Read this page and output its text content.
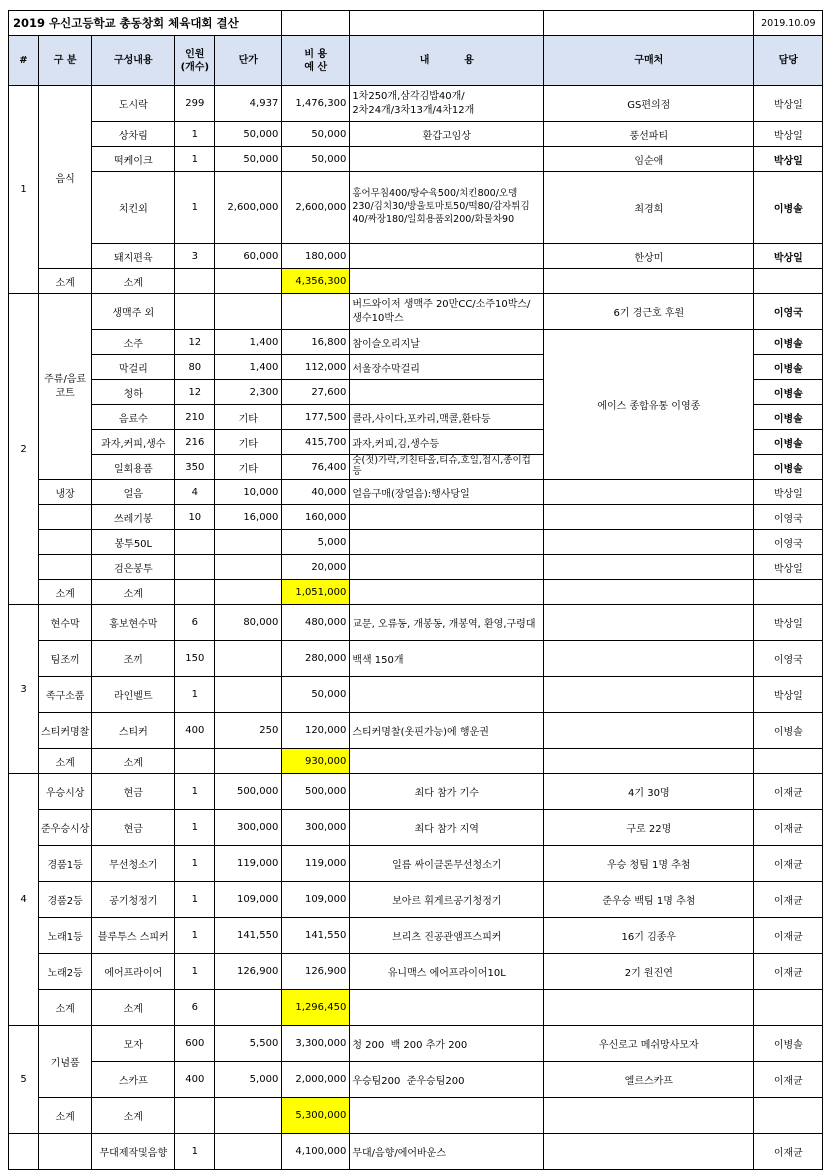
2019 우신고등학교 총동창회 체육대회 결산								2019.10.09
#	구 분	구성내용	인원
(개수)	단가	비 용
예 산	내          용	구매처	담당
1	음식	도시락	299	4,937	1,476,300	1차250개,삼각김밥40개/
2차24개/3차13개/4차12개	GS편의점	박상일
		상차림	1	50,000	50,000	환갑고임상	풍선파티	박상일
		떡케이크	1	50,000	50,000		임순애	박상일
		치킨외	1	2,600,000	2,600,000	홍어무침400/탕수육500/치킨800/오뎅
230/김치30/방울토마토50/떡80/감자튀김
40/짜장180/일회용품외200/화물차90	최경희	이병솔
		돼지편육	3	60,000	180,000		한상미	박상일
	소계	소계			4,356,300			
2	주류/음료
코트	생맥주 외				버드와이저 생맥주 20만CC/소주10박스/
생수10박스	6기 경근호 후원	이영국
		소주	12	1,400	16,800	참이슬오리지날	에이스 종합유통 이영종	이병솔
		막걸리	80	1,400	112,000	서울장수막걸리		이병솔
		청하	12	2,300	27,600			이병솔
		음료수	210	기타	177,500	콜라,사이다,포카리,맥콜,환타등		이병솔
		과자,커피,생수	216	기타	415,700	과자,커피,김,생수등		이병솔
		일회용품	350	기타	76,400	숫(젓)가락,키친타올,티슈,호일,접시,종이컵
등		이병솔
	냉장	얼음	4	10,000	40,000	얼음구매(장얼음):행사당일		박상일
		쓰레기봉	10	16,000	160,000			이영국
		봉투50L			5,000			이영국
		검은봉투			20,000			박상일
	소계	소계			1,051,000			
3	현수막	홍보현수막	6	80,000	480,000	교문, 오류동, 개봉동, 개봉역, 환영,구령대		박상일
	팀조끼	조끼	150		280,000	백색 150개		이영국
	족구소품	라인벨트	1		50,000			박상일
	스티커명찰	스티커	400	250	120,000	스티커명찰(옷핀가능)에 행운권		이병솔
	소계	소계			930,000			
4	우승시상	현금	1	500,000	500,000	최다 참가 기수	4기 30명	이재균
	준우승시상	현금	1	300,000	300,000	최다 참가 지역	구로 22명	이재균
	경품1등	무선청소기	1	119,000	119,000	일름 싸이클론무선청소기	우승 청팀 1명 추첨	이재균
	경품2등	공기청정기	1	109,000	109,000	보아르 휘게르공기청정기	준우승 백팀 1명 추첨	이재균
	노래1등	블루투스 스피커	1	141,550	141,550	브리츠 진공관앰프스피커	16기 김종우	이재균
	노래2등	에어프라이어	1	126,900	126,900	유니맥스 에어프라이어10L	2기 원진연	이재균
	소계	소계	6		1,296,450			
5	기념품	모자	600	5,500	3,300,000	청 200  백 200 추가 200	우신로고 메쉬망사모자	이병솔
		스카프	400	5,000	2,000,000	우승팀200  준우승팀200	엘르스카프	이재균
	소계	소계			5,300,000			
		무대제작및음향	1		4,100,000	무대/음향/에어바운스		이재균
